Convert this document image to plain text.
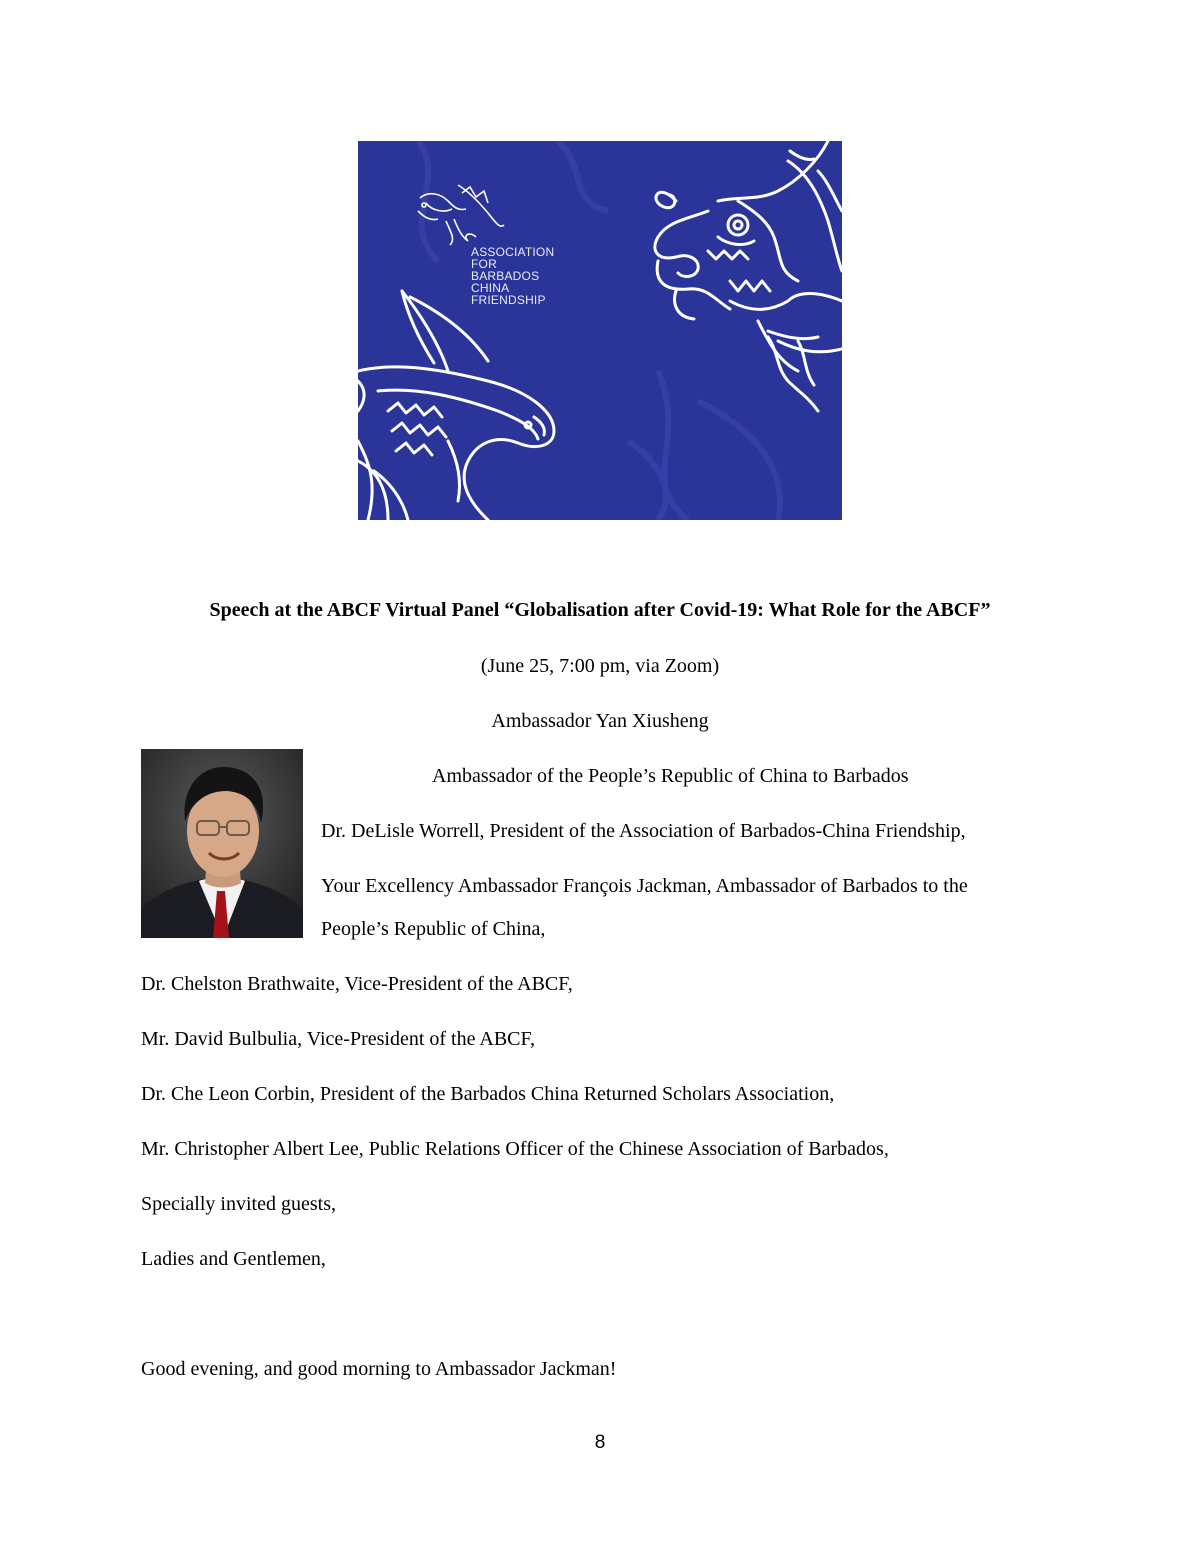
ASSOCIATION
FOR
BARBADOS
CHINA
FRIENDSHIP
Speech at the ABCF Virtual Panel “Globalisation after Covid-19: What Role for the ABCF”
(June 25, 7:00 pm, via Zoom)
Ambassador Yan Xiusheng
Ambassador of the People’s Republic of China to Barbados
Dr. DeLisle Worrell, President of the Association of Barbados-China Friendship,
Your Excellency Ambassador François Jackman, Ambassador of Barbados to the
People’s Republic of China,
Dr. Chelston Brathwaite, Vice-President of the ABCF,
Mr. David Bulbulia, Vice-President of the ABCF,
Dr. Che Leon Corbin, President of the Barbados China Returned Scholars Association,
Mr. Christopher Albert Lee, Public Relations Officer of the Chinese Association of Barbados,
Specially invited guests,
Ladies and Gentlemen,
Good evening, and good morning to Ambassador Jackman!
8
